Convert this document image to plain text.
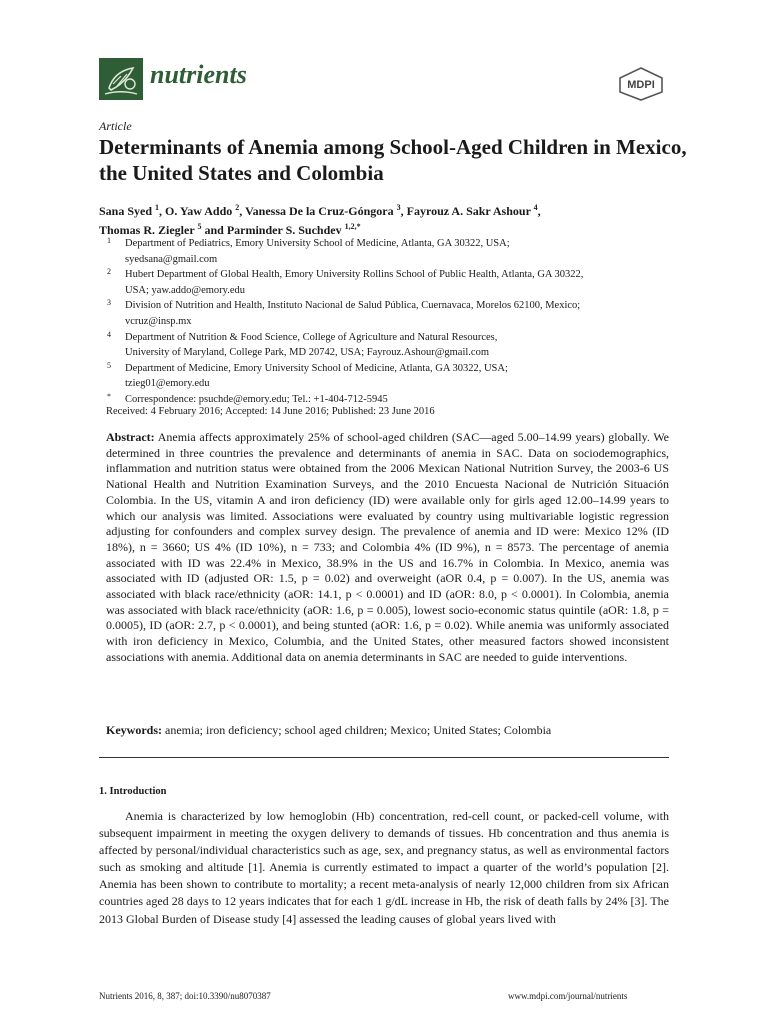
nutrients	MDPI
Article
Determinants of Anemia among School-Aged Children in Mexico, the United States and Colombia
Sana Syed $^1$, O. Yaw Addo $^2$, Vanessa De la Cruz-Góngora $^3$, Fayrouz A. Sakr Ashour $^4$,
Thomas R. Ziegler $^5$ and Parminder S. Suchdev $^{1,2,*}$
1 Department of Pediatrics, Emory University School of Medicine, Atlanta, GA 30322, USA;
syedsana@gmail.com
2 Hubert Department of Global Health, Emory University Rollins School of Public Health, Atlanta, GA 30322,
USA; yaw.addo@emory.edu
3 Division of Nutrition and Health, Instituto Nacional de Salud Pública, Cuernavaca, Morelos 62100, Mexico;
vcruz@insp.mx
4 Department of Nutrition & Food Science, College of Agriculture and Natural Resources,
University of Maryland, College Park, MD 20742, USA; Fayrouz.Ashour@gmail.com
5 Department of Medicine, Emory University School of Medicine, Atlanta, GA 30322, USA;
tzieg01@emory.edu
* Correspondence: psuchde@emory.edu; Tel.: +1-404-712-5945
Received: 4 February 2016; Accepted: 14 June 2016; Published: 23 June 2016
Abstract: Anemia affects approximately 25% of school-aged children (SAC—aged 5.00–14.99 years) globally. We determined in three countries the prevalence and determinants of anemia in SAC. Data on sociodemographics, inflammation and nutrition status were obtained from the 2006 Mexican National Nutrition Survey, the 2003-6 US National Health and Nutrition Examination Surveys, and the 2010 Encuesta Nacional de Nutrición Situación Colombia. In the US, vitamin A and iron deficiency (ID) were available only for girls aged 12.00–14.99 years to which our analysis was limited. Associations were evaluated by country using multivariable logistic regression adjusting for confounders and complex survey design. The prevalence of anemia and ID were: Mexico 12% (ID 18%), n = 3660; US 4% (ID 10%), n = 733; and Colombia 4% (ID 9%), n = 8573. The percentage of anemia associated with ID was 22.4% in Mexico, 38.9% in the US and 16.7% in Colombia. In Mexico, anemia was associated with ID (adjusted OR: 1.5, p = 0.02) and overweight (aOR 0.4, p = 0.007). In the US, anemia was associated with black race/ethnicity (aOR: 14.1, p < 0.0001) and ID (aOR: 8.0, p < 0.0001). In Colombia, anemia was associated with black race/ethnicity (aOR: 1.6, p = 0.005), lowest socio-economic status quintile (aOR: 1.8, p = 0.0005), ID (aOR: 2.7, p < 0.0001), and being stunted (aOR: 1.6, p = 0.02). While anemia was uniformly associated with iron deficiency in Mexico, Columbia, and the United States, other measured factors showed inconsistent associations with anemia. Additional data on anemia determinants in SAC are needed to guide interventions.
Keywords: anemia; iron deficiency; school aged children; Mexico; United States; Colombia
1. Introduction
Anemia is characterized by low hemoglobin (Hb) concentration, red-cell count, or packed-cell volume, with subsequent impairment in meeting the oxygen delivery to demands of tissues. Hb concentration and thus anemia is affected by personal/individual characteristics such as age, sex, and pregnancy status, as well as environmental factors such as smoking and altitude [1]. Anemia is currently estimated to impact a quarter of the world’s population [2]. Anemia has been shown to contribute to mortality; a recent meta-analysis of nearly 12,000 children from six African countries aged 28 days to 12 years indicates that for each 1 g/dL increase in Hb, the risk of death falls by 24% [3]. The 2013 Global Burden of Disease study [4] assessed the leading causes of global years lived with
Nutrients 2016, 8, 387; doi:10.3390/nu8070387	www.mdpi.com/journal/nutrients
